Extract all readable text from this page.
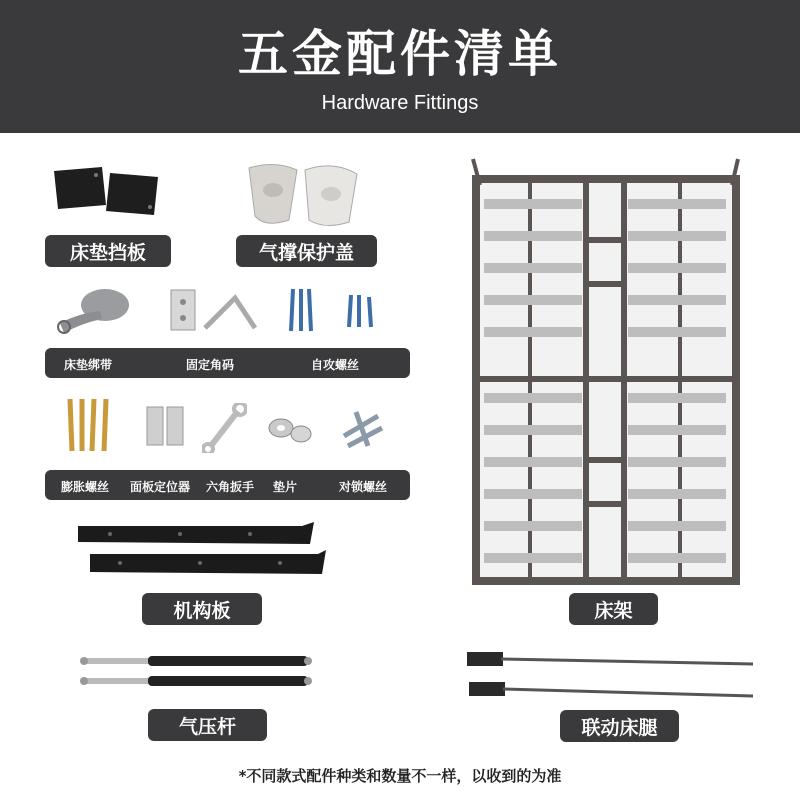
五金配件清单
Hardware Fittings
床垫挡板	气撑保护盖
床垫绑带	固定角码	自攻螺丝
膨胀螺丝	面板定位器	六角扳手	垫片	对锁螺丝
机构板
气压杆
床架
联动床腿
*不同款式配件种类和数量不一样，以收到的为准
